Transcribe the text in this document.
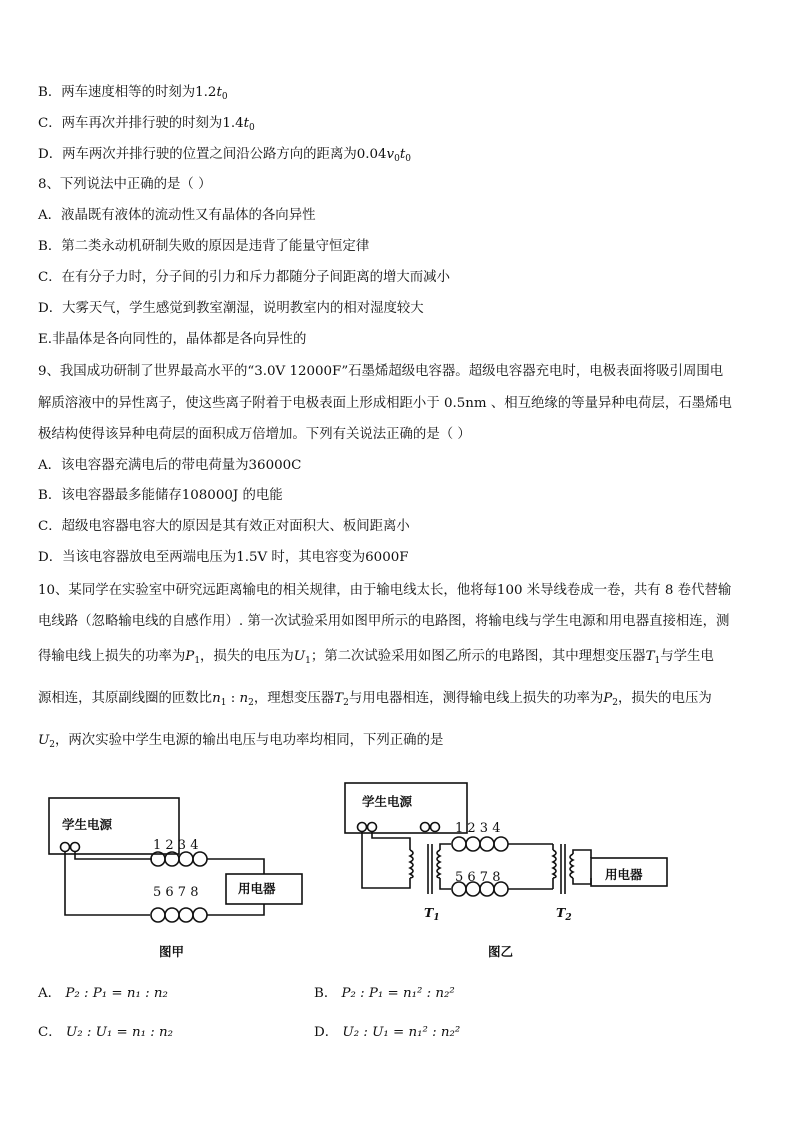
B．两车速度相等的时刻为$1.2t_0$
C．两车再次并排行驶的时刻为$1.4t_0$
D．两车两次并排行驶的位置之间沿公路方向的距离为$0.04v_0t_0$
8、下列说法中正确的是（ ）
A．液晶既有液体的流动性又有晶体的各向异性
B．第二类永动机研制失败的原因是违背了能量守恒定律
C．在有分子力时，分子间的引力和斥力都随分子间距离的增大而减小
D．大雾天气，学生感觉到教室潮湿，说明教室内的相对湿度较大
E.非晶体是各向同性的，晶体都是各向异性的
9、我国成功研制了世界最高水平的“3.0V 12000F”石墨烯超级电容器。超级电容器充电时，电极表面将吸引周围电
解质溶液中的异性离子，使这些离子附着于电极表面上形成相距小于 0.5nm 、相互绝缘的等量异种电荷层，石墨烯电
极结构使得该异种电荷层的面积成万倍增加。下列有关说法正确的是（ ）
A．该电容器充满电后的带电荷量为36000C
B．该电容器最多能储存108000J 的电能
C．超级电容器电容大的原因是其有效正对面积大、板间距离小
D．当该电容器放电至两端电压为1.5V 时，其电容变为6000F
10、某同学在实验室中研究远距离输电的相关规律，由于输电线太长，他将每100 米导线卷成一卷，共有 8 卷代替输
电线路（忽略输电线的自感作用）. 第一次试验采用如图甲所示的电路图，将输电线与学生电源和用电器直接相连，测
得输电线上损失的功率为$P_1$，损失的电压为$U_1$；第二次试验采用如图乙所示的电路图，其中理想变压器$T_1$与学生电
源相连，其原副线圈的匝数比$n_1$ : $n_2$，理想变压器$T_2$与用电器相连，测得输电线上损失的功率为$P_2$，损失的电压为
$U_2$，两次实验中学生电源的输出电压与电功率均相同，下列正确的是
学生电源
1 2 3 4
5 6 7 8	用电器
图甲
学生电源
1 2 3 4
5 6 7 8	用电器
$T_1$	$T_2$
图乙
A． P₂ : P₁ = n₁ : n₂	B． P₂ : P₁ = n₁² : n₂²
C． U₂ : U₁ = n₁ : n₂	D． U₂ : U₁ = n₁² : n₂²
